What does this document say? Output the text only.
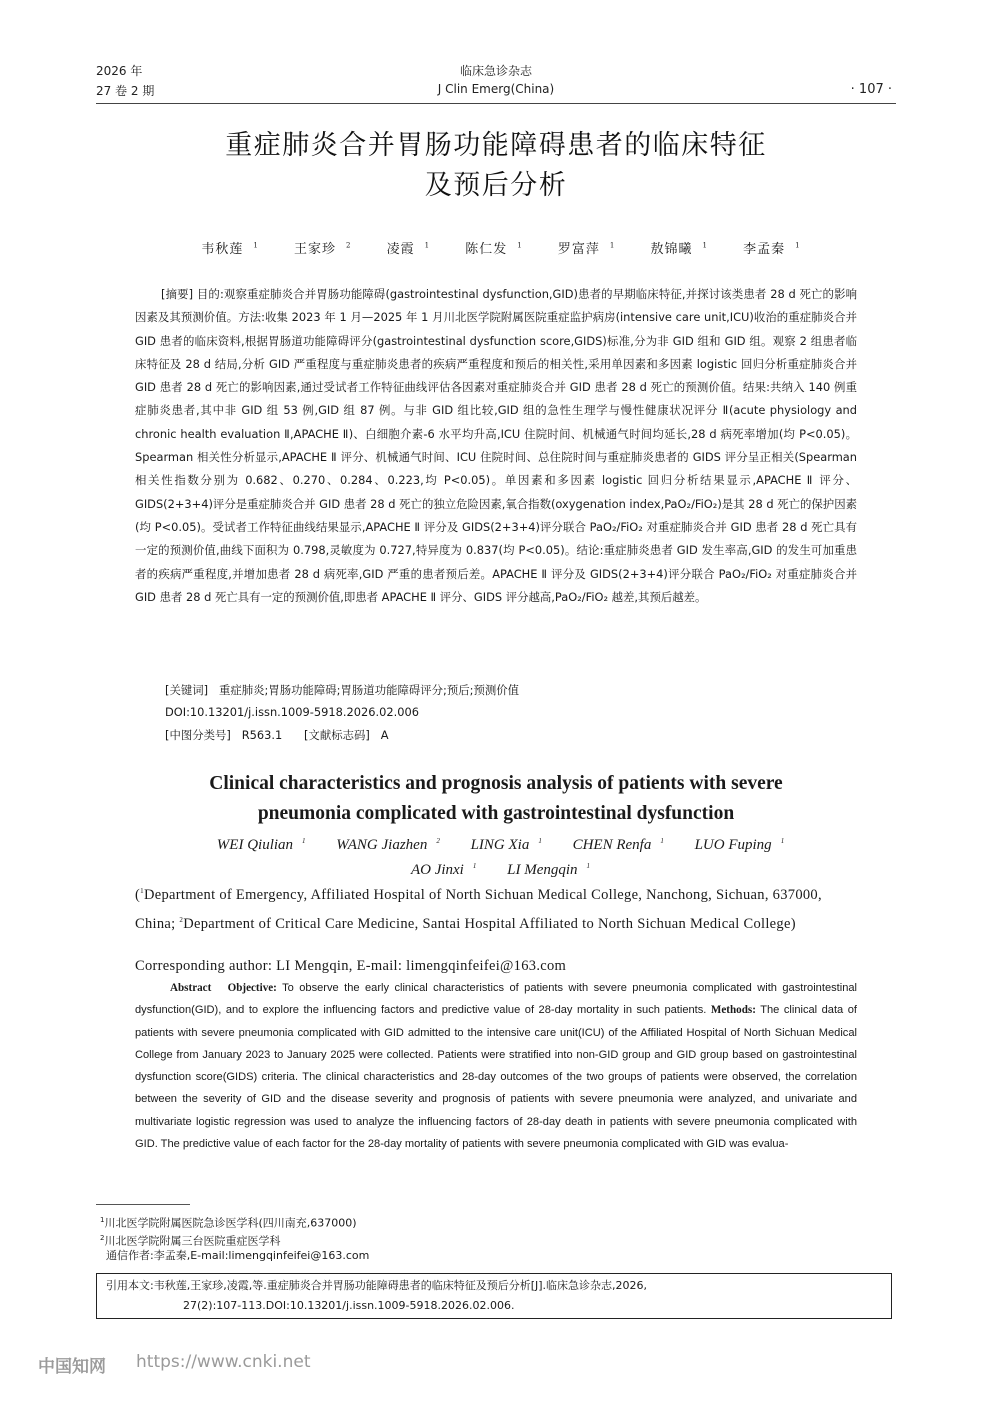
2026 年
27 卷 2 期
临床急诊杂志
J Clin Emerg(China)	· 107 ·
重症肺炎合并胃肠功能障碍患者的临床特征
及预后分析
韦秋莲 $^1$	王家珍 $^2$	凌霞 $^1$	陈仁发 $^1$	罗富萍 $^1$	敖锦曦 $^1$	李孟秦 $^1$
[摘要] 目的:观察重症肺炎合并胃肠功能障碍(gastrointestinal dysfunction,GID)患者的早期临床特征,并探讨该类患者 28 d 死亡的影响因素及其预测价值。方法:收集 2023 年 1 月—2025 年 1 月川北医学院附属医院重症监护病房(intensive care unit,ICU)收治的重症肺炎合并 GID 患者的临床资料,根据胃肠道功能障碍评分(gastrointestinal dysfunction score,GIDS)标准,分为非 GID 组和 GID 组。观察 2 组患者临床特征及 28 d 结局,分析 GID 严重程度与重症肺炎患者的疾病严重程度和预后的相关性,采用单因素和多因素 logistic 回归分析重症肺炎合并 GID 患者 28 d 死亡的影响因素,通过受试者工作特征曲线评估各因素对重症肺炎合并 GID 患者 28 d 死亡的预测价值。结果:共纳入 140 例重症肺炎患者,其中非 GID 组 53 例,GID 组 87 例。与非 GID 组比较,GID 组的急性生理学与慢性健康状况评分 Ⅱ(acute physiology and chronic health evaluation Ⅱ,APACHE Ⅱ)、白细胞介素-6 水平均升高,ICU 住院时间、机械通气时间均延长,28 d 病死率增加(均 P<0.05)。Spearman 相关性分析显示,APACHE Ⅱ 评分、机械通气时间、ICU 住院时间、总住院时间与重症肺炎患者的 GIDS 评分呈正相关(Spearman 相关性指数分别为 0.682、0.270、0.284、0.223,均 P<0.05)。单因素和多因素 logistic 回归分析结果显示,APACHE Ⅱ 评分、GIDS(2+3+4)评分是重症肺炎合并 GID 患者 28 d 死亡的独立危险因素,氧合指数(oxygenation index,PaO₂/FiO₂)是其 28 d 死亡的保护因素(均 P<0.05)。受试者工作特征曲线结果显示,APACHE Ⅱ 评分及 GIDS(2+3+4)评分联合 PaO₂/FiO₂ 对重症肺炎合并 GID 患者 28 d 死亡具有一定的预测价值,曲线下面积为 0.798,灵敏度为 0.727,特异度为 0.837(均 P<0.05)。结论:重症肺炎患者 GID 发生率高,GID 的发生可加重患者的疾病严重程度,并增加患者 28 d 病死率,GID 严重的患者预后差。APACHE Ⅱ 评分及 GIDS(2+3+4)评分联合 PaO₂/FiO₂ 对重症肺炎合并 GID 患者 28 d 死亡具有一定的预测价值,即患者 APACHE Ⅱ 评分、GIDS 评分越高,PaO₂/FiO₂ 越差,其预后越差。
[关键词] 重症肺炎;胃肠功能障碍;胃肠道功能障碍评分;预后;预测价值
DOI:10.13201/j.issn.1009-5918.2026.02.006
[中图分类号] R563.1 [文献标志码] A
Clinical characteristics and prognosis analysis of patients with severe
pneumonia complicated with gastrointestinal dysfunction
WEI Qiulian $^1$ WANG Jiazhen $^2$ LING Xia $^1$ CHEN Renfa $^1$ LUO Fuping $^1$
AO Jinxi $^1$ LI Mengqin $^1$
($^1$Department of Emergency, Affiliated Hospital of North Sichuan Medical College, Nanchong, Sichuan, 637000, China; $^2$Department of Critical Care Medicine, Santai Hospital Affiliated to North Sichuan Medical College)
Corresponding author: LI Mengqin, E-mail: limengqinfeifei@163.com
Abstract Objective: To observe the early clinical characteristics of patients with severe pneumonia complicated with gastrointestinal dysfunction(GID), and to explore the influencing factors and predictive value of 28-day mortality in such patients. Methods: The clinical data of patients with severe pneumonia complicated with GID admitted to the intensive care unit(ICU) of the Affiliated Hospital of North Sichuan Medical College from January 2023 to January 2025 were collected. Patients were stratified into non-GID group and GID group based on gastrointestinal dysfunction score(GIDS) criteria. The clinical characteristics and 28-day outcomes of the two groups of patients were observed, the correlation between the severity of GID and the disease severity and prognosis of patients with severe pneumonia were analyzed, and univariate and multivariate logistic regression was used to analyze the influencing factors of 28-day death in patients with severe pneumonia complicated with GID. The predictive value of each factor for the 28-day mortality of patients with severe pneumonia complicated with GID was evalua-
$^1$川北医学院附属医院急诊医学科(四川南充,637000)
$^2$川北医学院附属三台医院重症医学科
通信作者:李孟秦,E-mail:limengqinfeifei@163.com
引用本文:韦秋莲,王家珍,凌霞,等.重症肺炎合并胃肠功能障碍患者的临床特征及预后分析[J].临床急诊杂志,2026,
27(2):107-113.DOI:10.13201/j.issn.1009-5918.2026.02.006.
中国知网 https://www.cnki.net
